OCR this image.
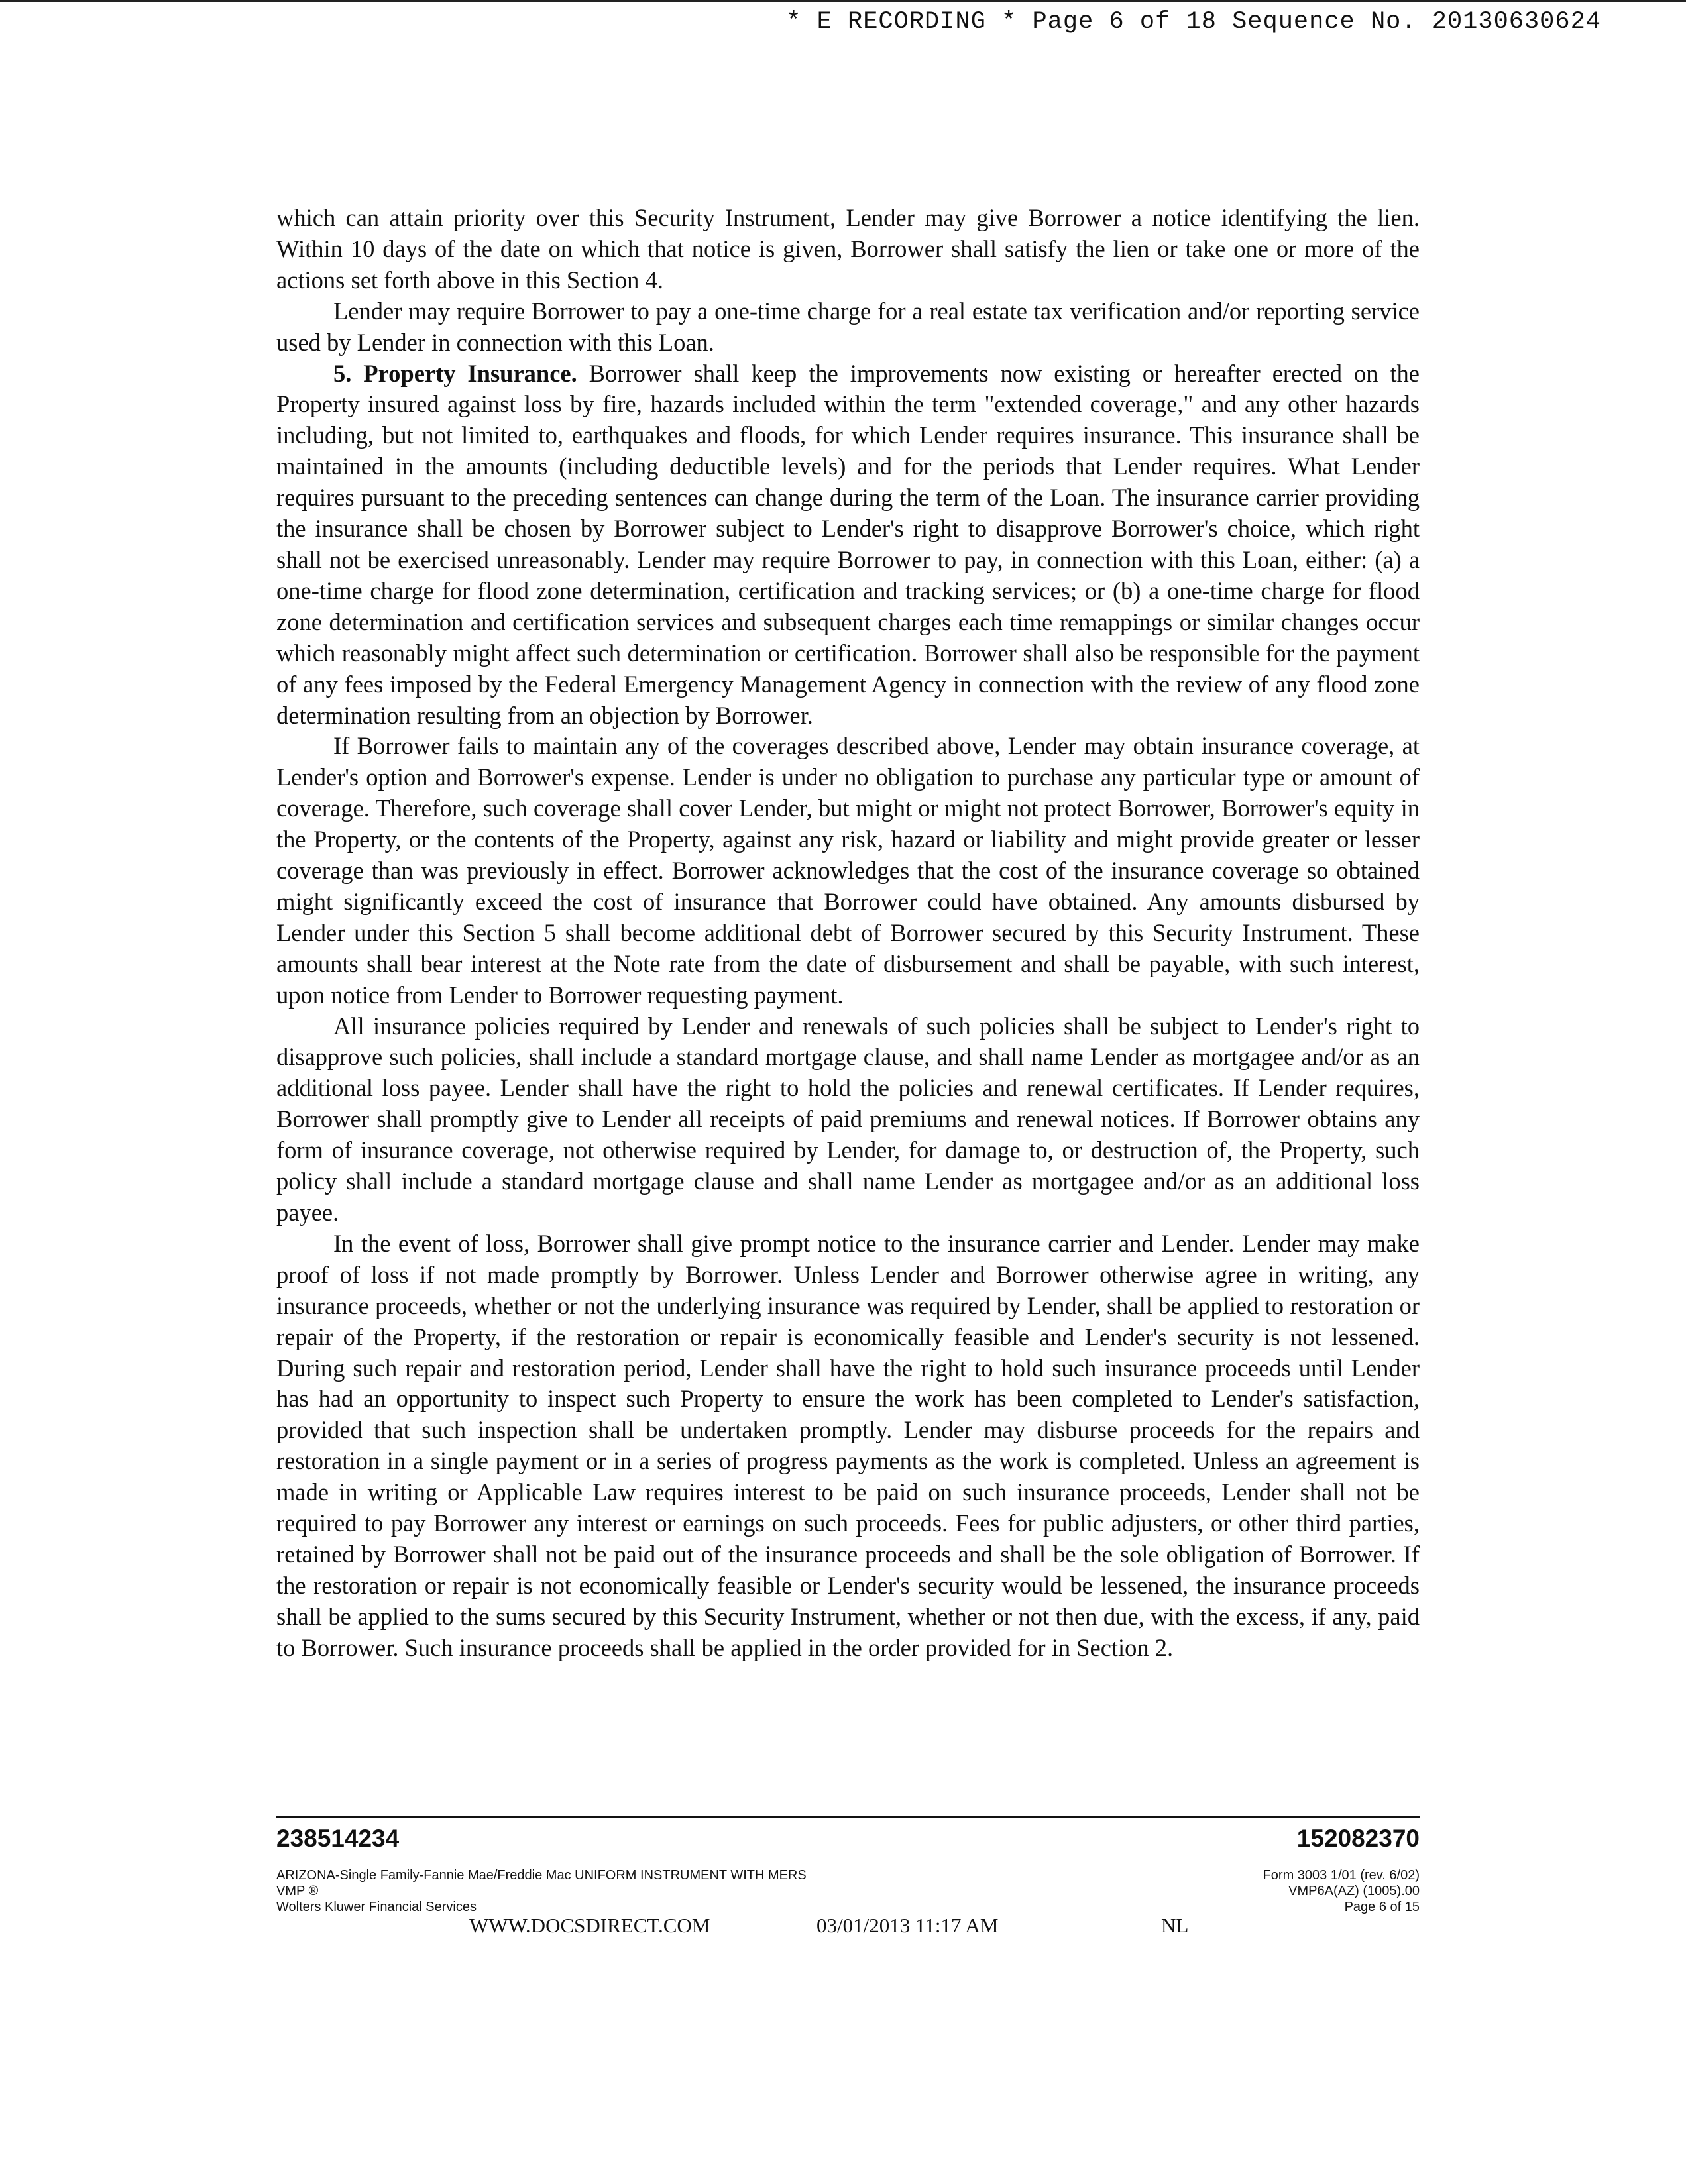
* E RECORDING * Page 6 of 18 Sequence No. 20130630624

which can attain priority over this Security Instrument, Lender may give Borrower a notice identifying the lien. Within 10 days of the date on which that notice is given, Borrower shall satisfy the lien or take one or more of the actions set forth above in this Section 4.

Lender may require Borrower to pay a one-time charge for a real estate tax verification and/or reporting service used by Lender in connection with this Loan.

5. Property Insurance. Borrower shall keep the improvements now existing or hereafter erected on the Property insured against loss by fire, hazards included within the term "extended coverage," and any other hazards including, but not limited to, earthquakes and floods, for which Lender requires insurance. This insurance shall be maintained in the amounts (including deductible levels) and for the periods that Lender requires. What Lender requires pursuant to the preceding sentences can change during the term of the Loan. The insurance carrier providing the insurance shall be chosen by Borrower subject to Lender's right to disapprove Borrower's choice, which right shall not be exercised unreasonably. Lender may require Borrower to pay, in connection with this Loan, either: (a) a one-time charge for flood zone determination, certification and tracking services; or (b) a one-time charge for flood zone determination and certification services and subsequent charges each time remappings or similar changes occur which reasonably might affect such determination or certification. Borrower shall also be responsible for the payment of any fees imposed by the Federal Emergency Management Agency in connection with the review of any flood zone determination resulting from an objection by Borrower.

If Borrower fails to maintain any of the coverages described above, Lender may obtain insurance coverage, at Lender's option and Borrower's expense. Lender is under no obligation to purchase any particular type or amount of coverage. Therefore, such coverage shall cover Lender, but might or might not protect Borrower, Borrower's equity in the Property, or the contents of the Property, against any risk, hazard or liability and might provide greater or lesser coverage than was previously in effect. Borrower acknowledges that the cost of the insurance coverage so obtained might significantly exceed the cost of insurance that Borrower could have obtained. Any amounts disbursed by Lender under this Section 5 shall become additional debt of Borrower secured by this Security Instrument. These amounts shall bear interest at the Note rate from the date of disbursement and shall be payable, with such interest, upon notice from Lender to Borrower requesting payment.

All insurance policies required by Lender and renewals of such policies shall be subject to Lender's right to disapprove such policies, shall include a standard mortgage clause, and shall name Lender as mortgagee and/or as an additional loss payee. Lender shall have the right to hold the policies and renewal certificates. If Lender requires, Borrower shall promptly give to Lender all receipts of paid premiums and renewal notices. If Borrower obtains any form of insurance coverage, not otherwise required by Lender, for damage to, or destruction of, the Property, such policy shall include a standard mortgage clause and shall name Lender as mortgagee and/or as an additional loss payee.

In the event of loss, Borrower shall give prompt notice to the insurance carrier and Lender. Lender may make proof of loss if not made promptly by Borrower. Unless Lender and Borrower otherwise agree in writing, any insurance proceeds, whether or not the underlying insurance was required by Lender, shall be applied to restoration or repair of the Property, if the restoration or repair is economically feasible and Lender's security is not lessened. During such repair and restoration period, Lender shall have the right to hold such insurance proceeds until Lender has had an opportunity to inspect such Property to ensure the work has been completed to Lender's satisfaction, provided that such inspection shall be undertaken promptly. Lender may disburse proceeds for the repairs and restoration in a single payment or in a series of progress payments as the work is completed. Unless an agreement is made in writing or Applicable Law requires interest to be paid on such insurance proceeds, Lender shall not be required to pay Borrower any interest or earnings on such proceeds. Fees for public adjusters, or other third parties, retained by Borrower shall not be paid out of the insurance proceeds and shall be the sole obligation of Borrower. If the restoration or repair is not economically feasible or Lender's security would be lessened, the insurance proceeds shall be applied to the sums secured by this Security Instrument, whether or not then due, with the excess, if any, paid to Borrower. Such insurance proceeds shall be applied in the order provided for in Section 2.

238514234	152082370
ARIZONA-Single Family-Fannie Mae/Freddie Mac UNIFORM INSTRUMENT WITH MERS
VMP ®
Wolters Kluwer Financial Services
Form 3003 1/01 (rev. 6/02)
VMP6A(AZ) (1005).00
Page 6 of 15
WWW.DOCSDIRECT.COM	03/01/2013 11:17 AM	NL
